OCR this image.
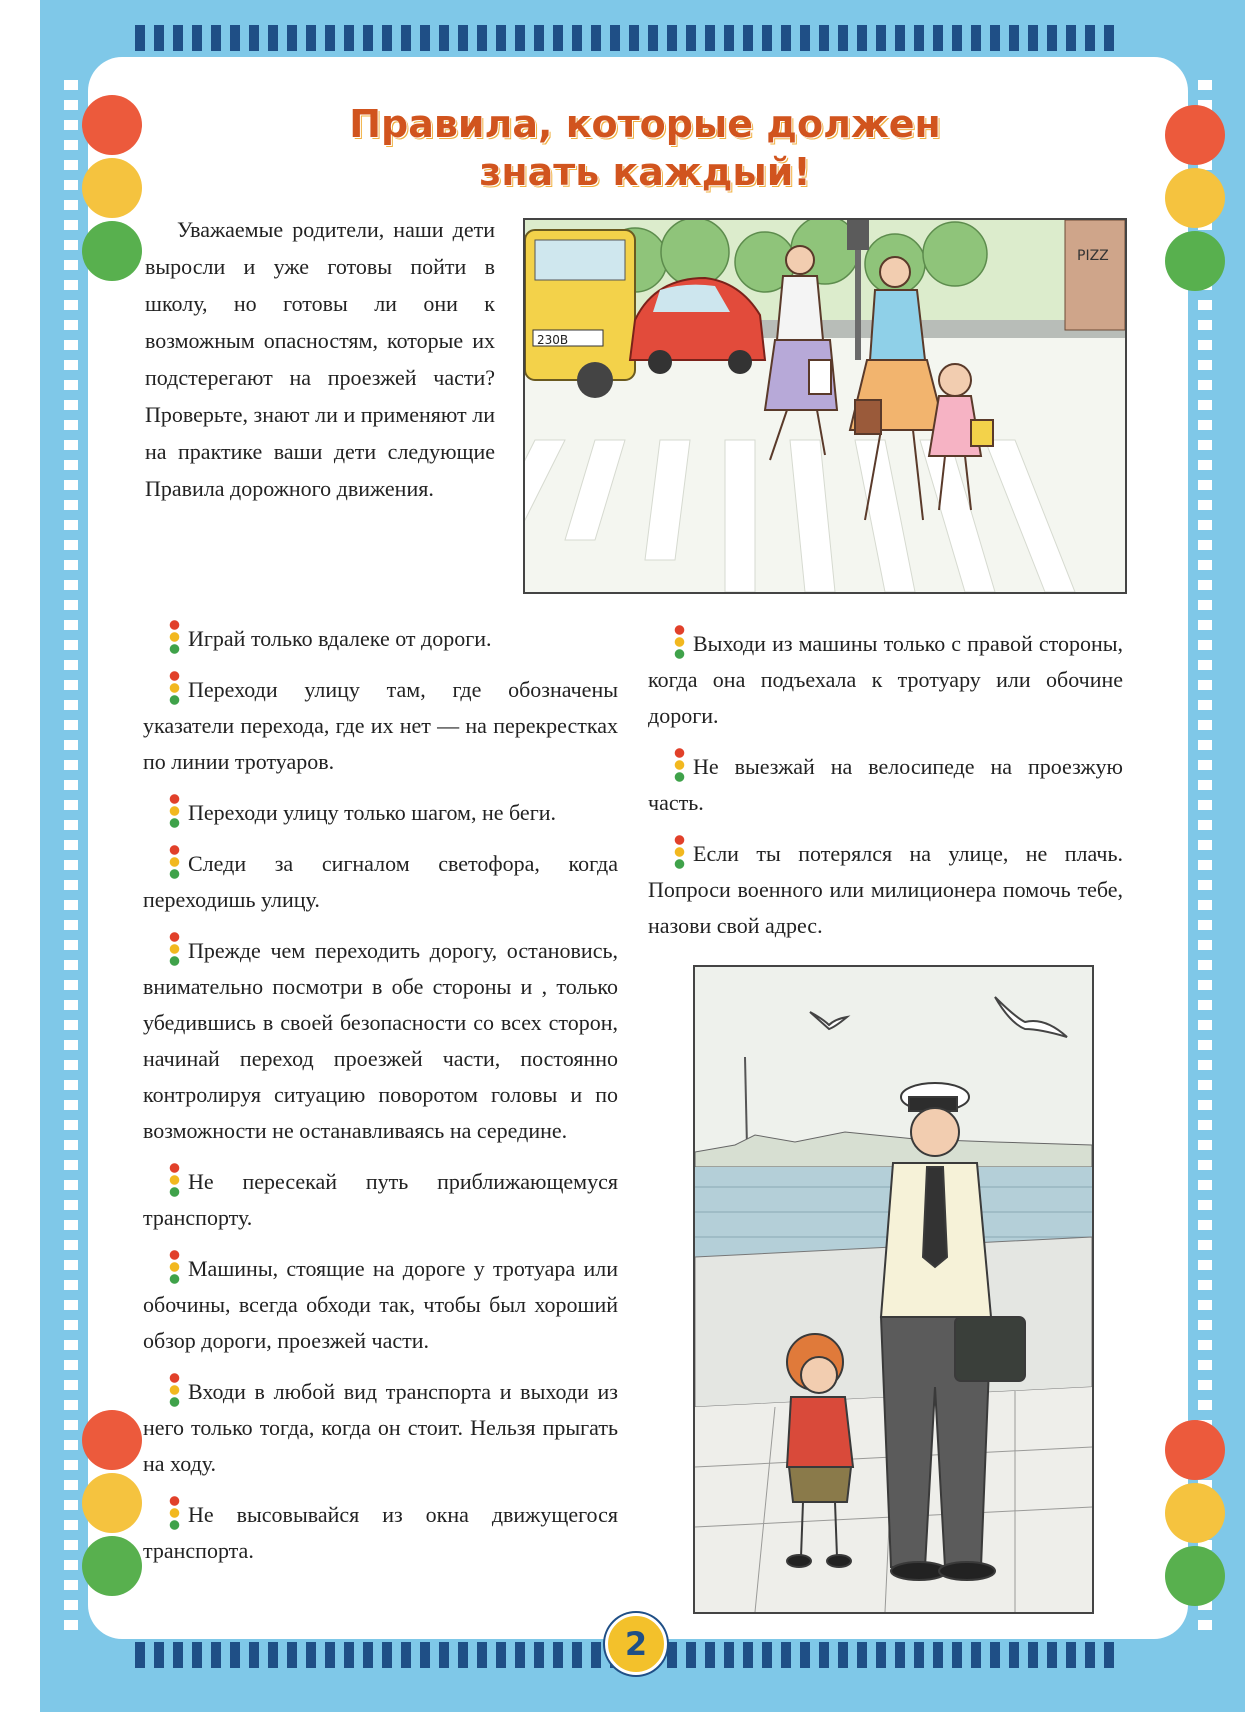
Правила, которые должен
знать каждый!

Уважаемые родители, наши дети выросли и уже готовы пойти в школу, но готовы ли они к возможным опасностям, которые их подстерегают на проезжей части? Проверьте, знают ли и применяют ли на практике ваши дети следующие Правила дорожного движения.

PIZZ
230В

Играй только вдалеке от дороги.

Переходи улицу там, где обозначены указатели перехода, где их нет — на перекрестках по линии тротуаров.

Переходи улицу только шагом, не беги.

Следи за сигналом светофора, когда переходишь улицу.

Прежде чем переходить дорогу, остановись, внимательно посмотри в обе стороны и , только убедившись в своей безопасности со всех сторон, начинай переход проезжей части, постоянно контролируя ситуацию поворотом головы и по возможности не останавливаясь на середине.

Не пересекай путь приближающемуся транспорту.

Машины, стоящие на дороге у тротуара или обочины, всегда обходи так, чтобы был хороший обзор дороги, проезжей части.

Входи в любой вид транспорта и выходи из него только тогда, когда он стоит. Нельзя прыгать на ходу.

Не высовывайся из окна движущегося транспорта.

Выходи из машины только с правой стороны, когда она подъехала к тротуару или обочине дороги.

Не выезжай на велосипеде на проезжую часть.

Если ты потерялся на улице, не плачь. Попроси военного или милиционера помочь тебе, назови свой адрес.

2
